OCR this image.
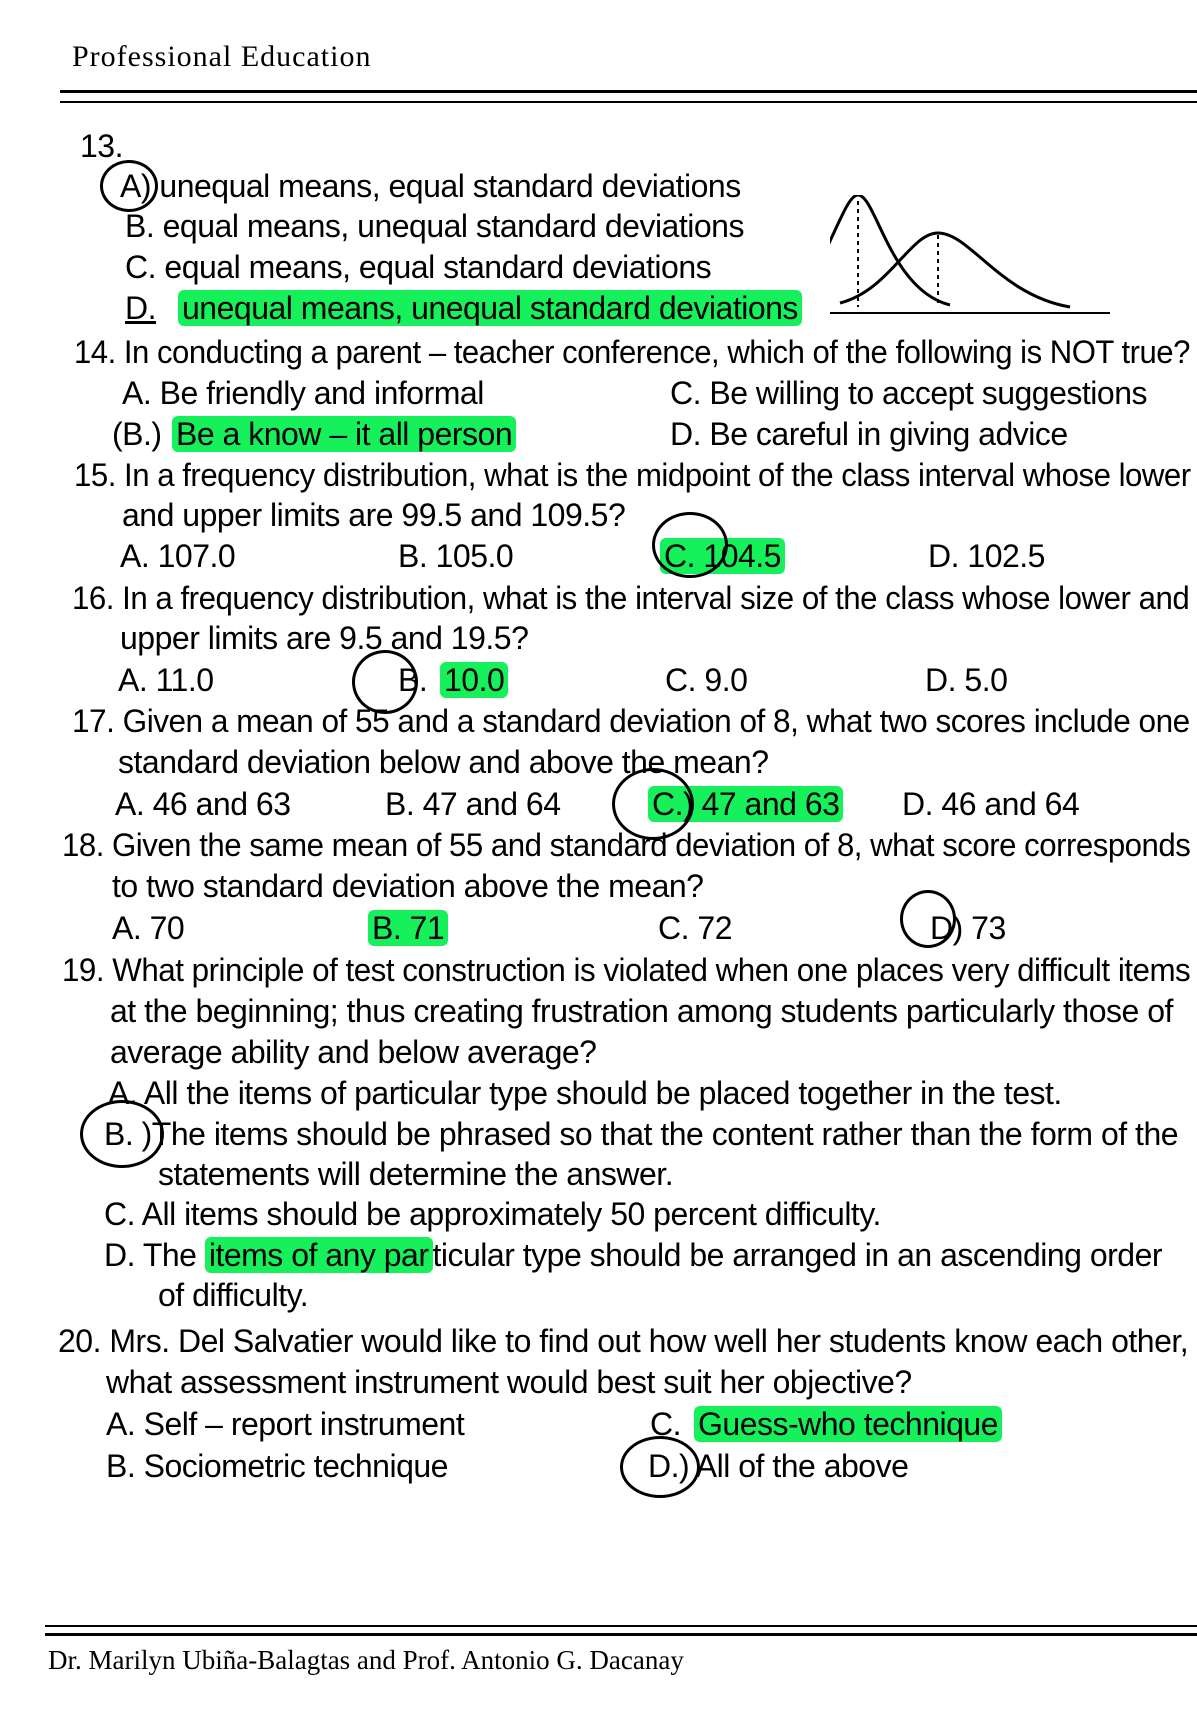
Professional Education
13.
A) unequal means, equal standard deviations
B. equal means, unequal standard deviations
C. equal means, equal standard deviations
D. unequal means, unequal standard deviations
14. In conducting a parent – teacher conference, which of the following is NOT true?
A. Be friendly and informal
(B.) Be a know – it all person
C. Be willing to accept suggestions
D. Be careful in giving advice
15. In a frequency distribution, what is the midpoint of the class interval whose lower
and upper limits are 99.5 and 109.5?
A. 107.0	B. 105.0	C. 104.5	D. 102.5
16. In a frequency distribution, what is the interval size of the class whose lower and
upper limits are 9.5 and 19.5?
A. 11.0	B. 10.0	C. 9.0	D. 5.0
17. Given a mean of 55 and a standard deviation of 8, what two scores include one
standard deviation below and above the mean?
A. 46 and 63	B. 47 and 64	C.) 47 and 63 D. 46 and 64
18. Given the same mean of 55 and standard deviation of 8, what score corresponds
to two standard deviation above the mean?
A. 70	B. 71	C. 72	D) 73
19. What principle of test construction is violated when one places very difficult items
at the beginning; thus creating frustration among students particularly those of
average ability and below average?
A. All the items of particular type should be placed together in the test.
B. )The items should be phrased so that the content rather than the form of the
statements will determine the answer.
C. All items should be approximately 50 percent difficulty.
D. The items of any par ticular type should be arranged in an ascending order
of difficulty.
20. Mrs. Del Salvatier would like to find out how well her students know each other,
what assessment instrument would best suit her objective?
A. Self – report instrument
B. Sociometric technique
C. Guess-who technique
D.) All of the above
Dr. Marilyn Ubiña-Balagtas and Prof. Antonio G. Dacanay
